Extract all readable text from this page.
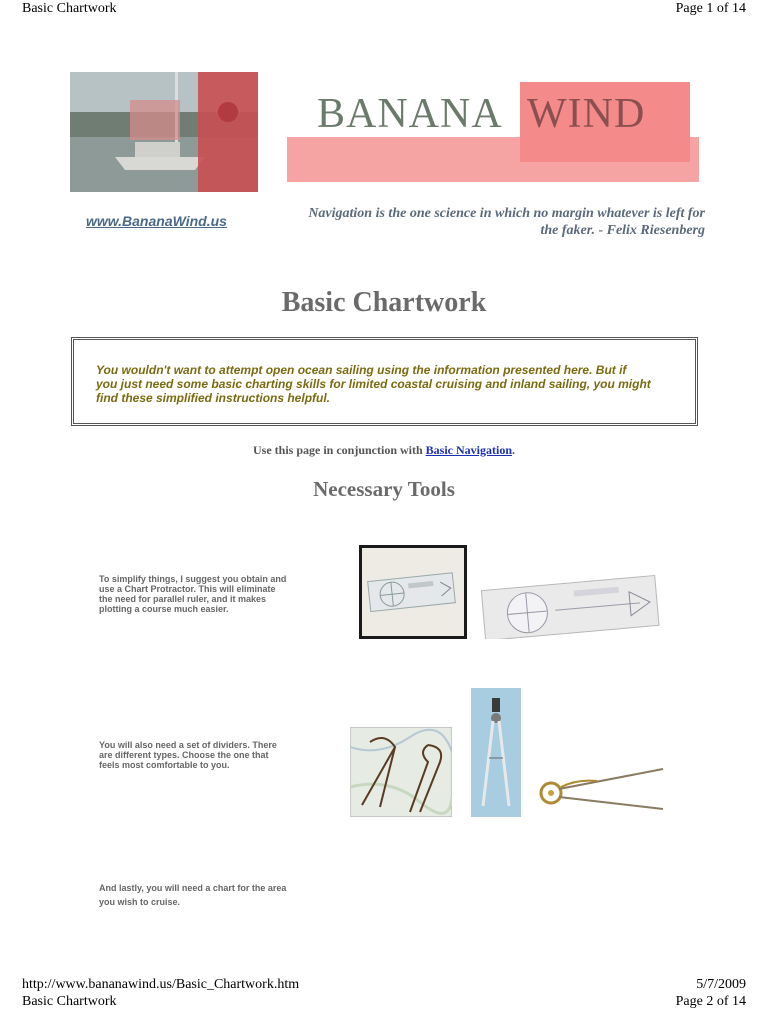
Basic Chartwork	Page 1 of 14
BANANA WIND
www.BananaWind.us	Navigation is the one science in which no margin whatever is left for
the faker. - Felix Riesenberg
Basic Chartwork
You wouldn't want to attempt open ocean sailing using the information presented here. But if
you just need some basic charting skills for limited coastal cruising and inland sailing, you might
find these simplified instructions helpful.
Use this page in conjunction with Basic Navigation.
Necessary Tools
To simplify things, I suggest you obtain and
use a Chart Protractor. This will eliminate
the need for parallel ruler, and it makes
plotting a course much easier.
You will also need a set of dividers. There
are different types. Choose the one that
feels most comfortable to you.
And lastly, you will need a chart for the area
you wish to cruise.
http://www.bananawind.us/Basic_Chartwork.htm	5/7/2009
Basic Chartwork	Page 2 of 14
